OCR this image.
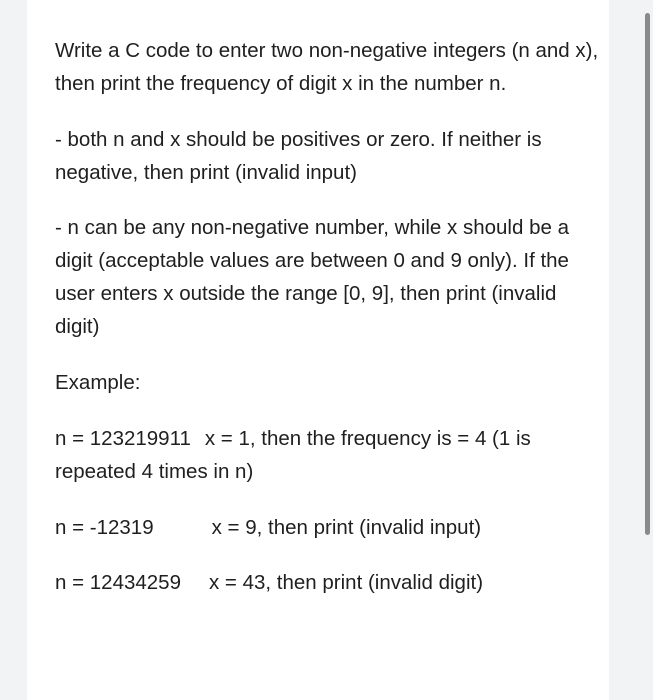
Write a C code to enter two non-negative integers (n and x), then print the frequency of digit x in the number n.

- both n and x should be positives or zero. If neither is negative, then print (invalid input)

- n can be any non-negative number, while x should be a digit (acceptable values are between 0 and 9 only). If the user enters x outside the range [0, 9], then print (invalid digit)

Example:

n = 123219911 x = 1, then the frequency is = 4 (1 is repeated 4 times in n)

n = -12319	x = 9, then print (invalid input)

n = 12434259 x = 43, then print (invalid digit)
